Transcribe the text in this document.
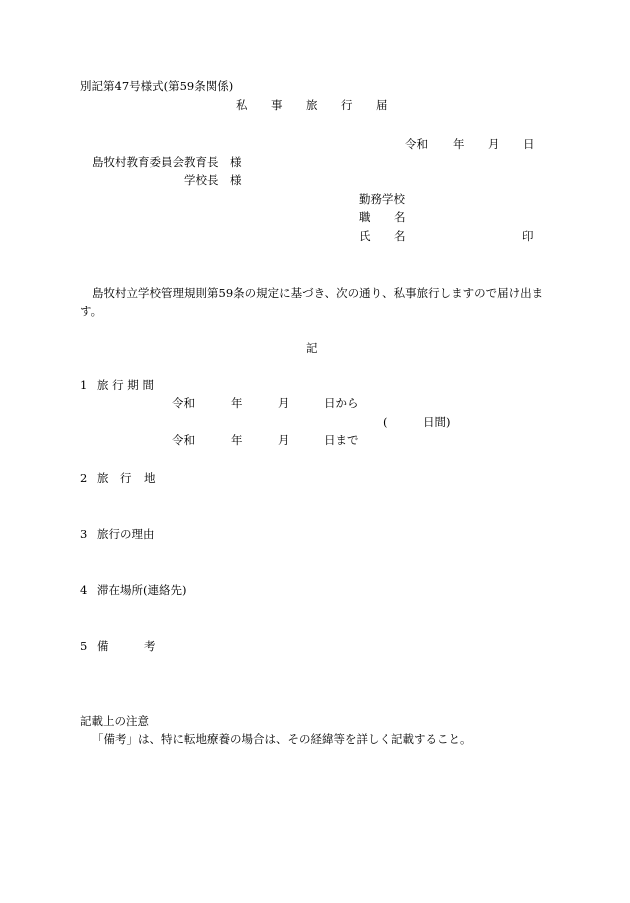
別記第47号様式(第59条関係)
私 事 旅 行 届
令和 年 月 日
島牧村教育委員会教育長　様
学校長　様
勤務学校
職 名
氏 名	印
島牧村立学校管理規則第59条の規定に基づき、次の通り、私事旅行しますので届け出ま
す。
記
1 旅 行 期 間
令和	年	月	日から
(	日間)
令和	年	月	日まで
2 旅 行 地
3 旅行の理由
4 滞在場所(連絡先)
5 備	考
記載上の注意
「備考」は、特に転地療養の場合は、その経緯等を詳しく記載すること。
